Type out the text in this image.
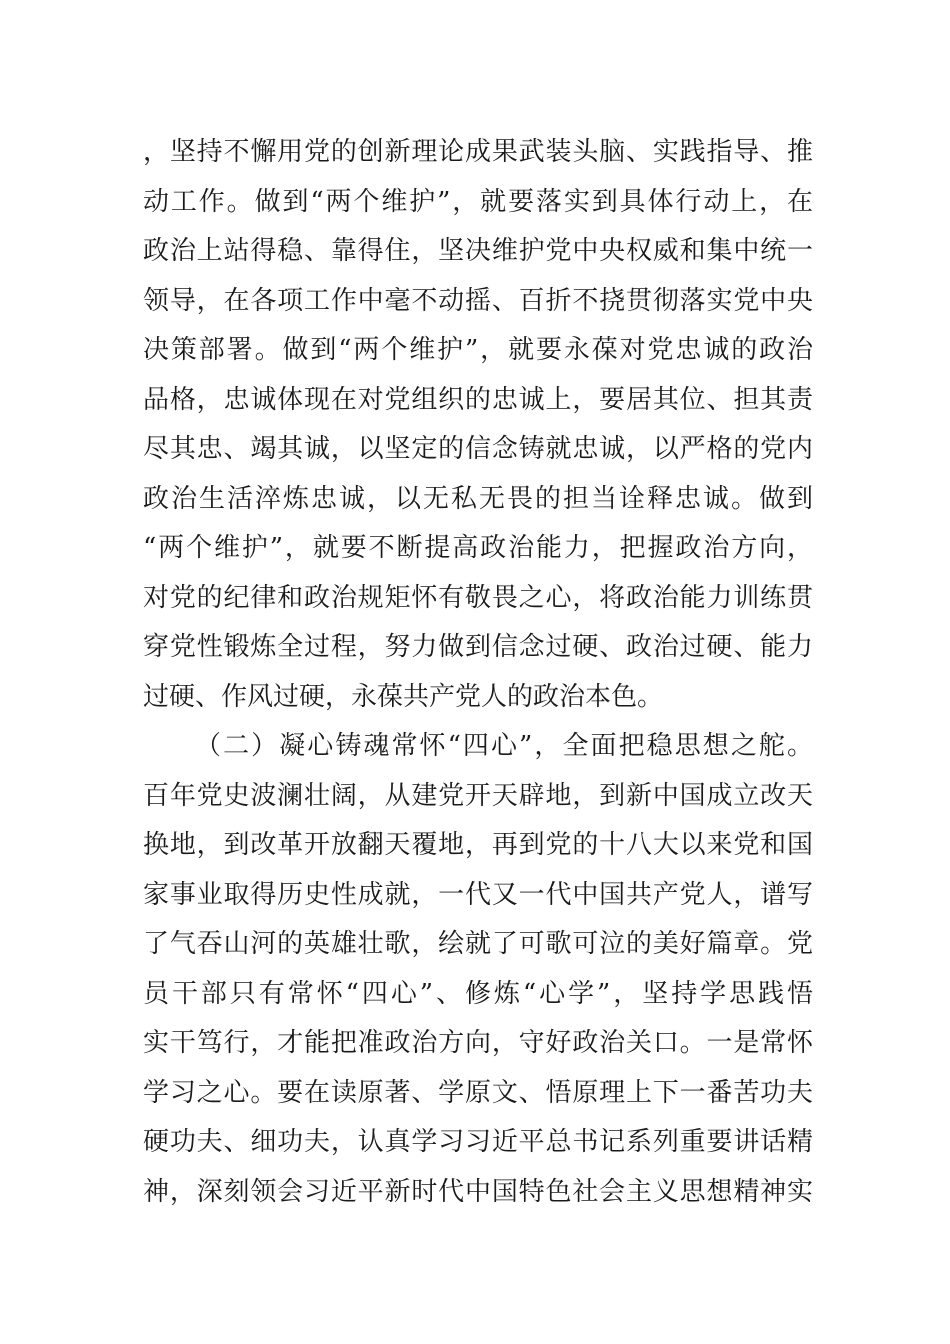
，坚持不懈用党的创新理论成果武装头脑、实践指导、推
动工作。做到“两个维护”，就要落实到具体行动上，在
政治上站得稳、靠得住，坚决维护党中央权威和集中统一
领导，在各项工作中毫不动摇、百折不挠贯彻落实党中央
决策部署。做到“两个维护”，就要永葆对党忠诚的政治
品格，忠诚体现在对党组织的忠诚上，要居其位、担其责
尽其忠、竭其诚，以坚定的信念铸就忠诚，以严格的党内
政治生活淬炼忠诚，以无私无畏的担当诠释忠诚。做到
“两个维护”，就要不断提高政治能力，把握政治方向，
对党的纪律和政治规矩怀有敬畏之心，将政治能力训练贯
穿党性锻炼全过程，努力做到信念过硬、政治过硬、能力
过硬、作风过硬，永葆共产党人的政治本色。
（二）凝心铸魂常怀“四心”，全面把稳思想之舵。
百年党史波澜壮阔，从建党开天辟地，到新中国成立改天
换地，到改革开放翻天覆地，再到党的十八大以来党和国
家事业取得历史性成就，一代又一代中国共产党人，谱写
了气吞山河的英雄壮歌，绘就了可歌可泣的美好篇章。党
员干部只有常怀“四心”、修炼“心学”，坚持学思践悟
实干笃行，才能把准政治方向，守好政治关口。一是常怀
学习之心。要在读原著、学原文、悟原理上下一番苦功夫
硬功夫、细功夫，认真学习习近平总书记系列重要讲话精
神，深刻领会习近平新时代中国特色社会主义思想精神实
